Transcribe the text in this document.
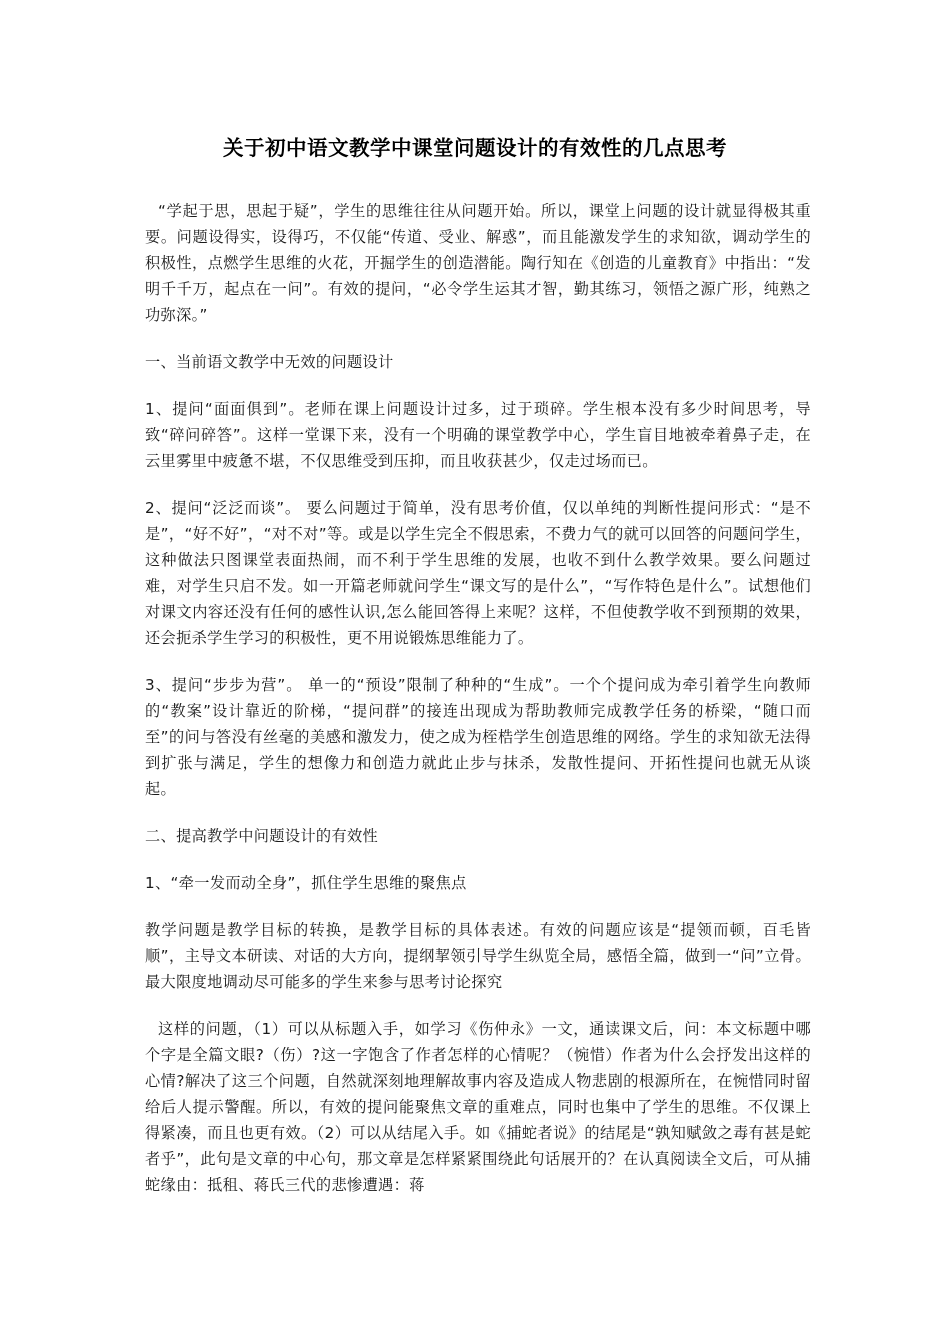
关于初中语文教学中课堂问题设计的有效性的几点思考

“学起于思，思起于疑”，学生的思维往往从问题开始。所以，课堂上问题的设计就显得极其重要。问题设得实，设得巧，不仅能“传道、受业、解惑”，而且能激发学生的求知欲，调动学生的积极性，点燃学生思维的火花，开掘学生的创造潜能。陶行知在《创造的儿童教育》中指出：“发明千千万，起点在一问”。有效的提问，“必令学生运其才智，勤其练习，领悟之源广形，纯熟之功弥深。”

一、当前语文教学中无效的问题设计

1、提问“面面俱到”。老师在课上问题设计过多，过于琐碎。学生根本没有多少时间思考，导致“碎问碎答”。这样一堂课下来，没有一个明确的课堂教学中心，学生盲目地被牵着鼻子走，在云里雾里中疲惫不堪，不仅思维受到压抑，而且收获甚少，仅走过场而已。

2、提问“泛泛而谈”。 要么问题过于简单，没有思考价值，仅以单纯的判断性提问形式：“是不是”，“好不好”，“对不对”等。或是以学生完全不假思索，不费力气的就可以回答的问题问学生，这种做法只图课堂表面热闹，而不利于学生思维的发展，也收不到什么教学效果。要么问题过难，对学生只启不发。如一开篇老师就问学生“课文写的是什么”，“写作特色是什么”。试想他们对课文内容还没有任何的感性认识,怎么能回答得上来呢？这样，不但使教学收不到预期的效果，还会扼杀学生学习的积极性，更不用说锻炼思维能力了。

3、提问“步步为营”。 单一的“预设”限制了种种的“生成”。一个个提问成为牵引着学生向教师的“教案”设计靠近的阶梯，“提问群”的接连出现成为帮助教师完成教学任务的桥梁，“随口而至”的问与答没有丝毫的美感和激发力，使之成为桎梏学生创造思维的网络。学生的求知欲无法得到扩张与满足，学生的想像力和创造力就此止步与抹杀，发散性提问、开拓性提问也就无从谈起。

二、提高教学中问题设计的有效性

1、“牵一发而动全身”，抓住学生思维的聚焦点

教学问题是教学目标的转换，是教学目标的具体表述。有效的问题应该是“提领而顿，百毛皆顺”，主导文本研读、对话的大方向，提纲挈领引导学生纵览全局，感悟全篇，做到一“问”立骨。最大限度地调动尽可能多的学生来参与思考讨论探究

这样的问题，（1）可以从标题入手，如学习《伤仲永》一文，通读课文后，问：本文标题中哪个字是全篇文眼?（伤）?这一字饱含了作者怎样的心情呢？（惋惜）作者为什么会抒发出这样的心情?解决了这三个问题，自然就深刻地理解故事内容及造成人物悲剧的根源所在，在惋惜同时留给后人提示警醒。所以，有效的提问能聚焦文章的重难点，同时也集中了学生的思维。不仅课上得紧凑，而且也更有效。（2）可以从结尾入手。如《捕蛇者说》的结尾是“孰知赋敛之毒有甚是蛇者乎”，此句是文章的中心句，那文章是怎样紧紧围绕此句话展开的？在认真阅读全文后，可从捕蛇缘由：抵租、蒋氏三代的悲惨遭遇：蒋
